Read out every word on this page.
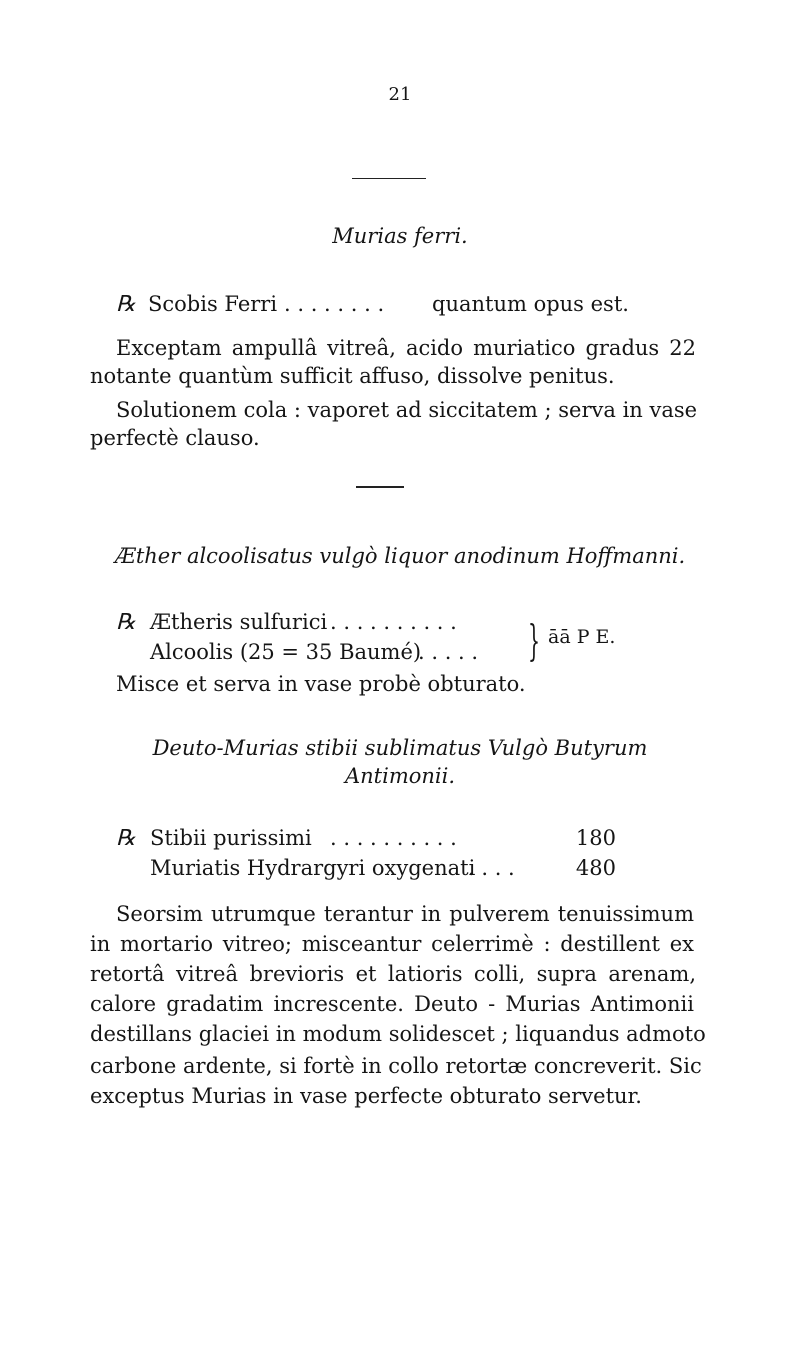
21
Murias ferri.
℞ Scobis Ferri . . . . . . . . quantum opus est.
Exceptam ampullâ vitreâ, acido muriatico gradus 22
notante quantùm sufficit affuso, dissolve penitus.
Solutionem cola : vaporet ad siccitatem ; serva in vase
perfectè clauso.
Æther alcoolisatus vulgò liquor anodinum Hoffmanni.
℞ Ætheris sulfurici . . . . . . . . . .
Alcoolis (25 = 35 Baumé)
. . . . . } āā P E.
Misce et serva in vase probè obturato.
Deuto-Murias stibii sublimatus Vulgò Butyrum
Antimonii.
℞ Stibii purissimi . . . . . . . . . .	180
Muriatis Hydrargyri oxygenati
. . . .	480
Seorsim utrumque terantur in pulverem tenuissimum
in mortario vitreo; misceantur celerrimè : destillent ex
retortâ vitreâ brevioris et latioris colli, supra arenam,
calore gradatim increscente. Deuto - Murias Antimonii
destillans glaciei in modum solidescet ; liquandus admoto
carbone ardente, si fortè in collo retortæ concreverit. Sic
exceptus Murias in vase perfecte obturato servetur.
